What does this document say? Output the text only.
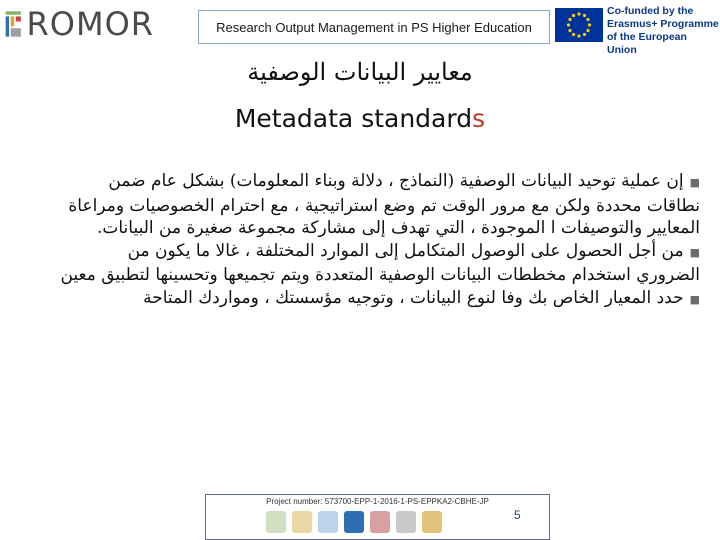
ROMOR	Research Output Management in PS Higher Education
Co-funded by the
Erasmus+ Programme
of the European Union
معايير البيانات الوصفية
Metadata standards

■إن عملية توحيد البيانات الوصفية (النماذج ، دلالة وبناء المعلومات) بشكل عام ضمن نطاقات محددة ولكن مع مرور الوقت تم وضع استراتيجية ، مع احترام الخصوصيات ومراعاة المعايير والتوصيفات ا الموجودة ، التي تهدف إلى مشاركة مجموعة صغيرة من البيانات.

■من أجل الحصول على الوصول المتكامل إلى الموارد المختلفة ، غالا ما يكون من الضروري استخدام مخططات البيانات الوصفية المتعددة ويتم تجميعها وتحسينها لتطبيق معين

■حدد المعيار الخاص بك وفا لنوع البيانات ، وتوجيه مؤسستك ، ومواردك المتاحة

Project number: 573700-EPP-1-2016-1-PS-EPPKA2-CBHE-JP
5
